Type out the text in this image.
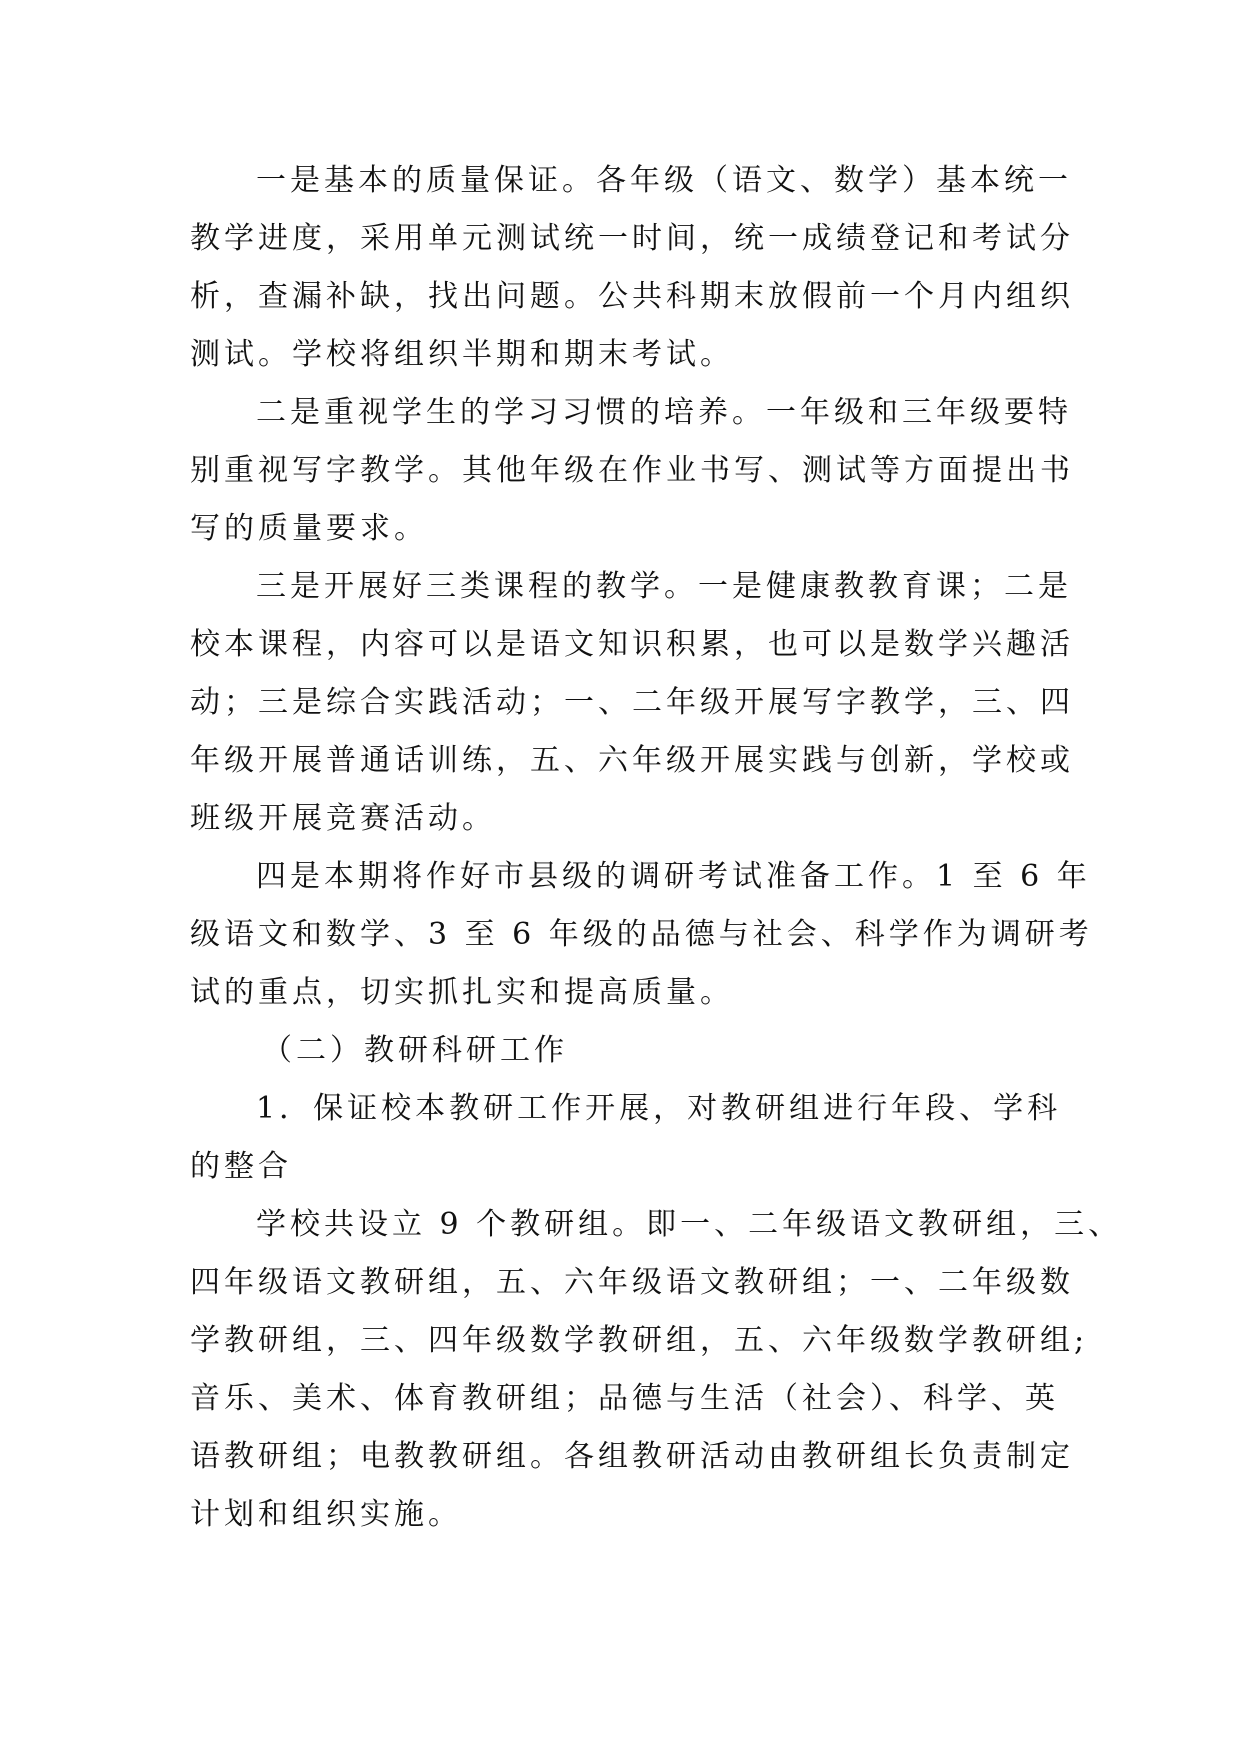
一是基本的质量保证。各年级（语文、数学）基本统一
教学进度，采用单元测试统一时间，统一成绩登记和考试分
析，查漏补缺，找出问题。公共科期末放假前一个月内组织
测试。学校将组织半期和期末考试。
二是重视学生的学习习惯的培养。一年级和三年级要特
别重视写字教学。其他年级在作业书写、测试等方面提出书
写的质量要求。
三是开展好三类课程的教学。一是健康教教育课；二是
校本课程，内容可以是语文知识积累，也可以是数学兴趣活
动；三是综合实践活动；一、二年级开展写字教学，三、四
年级开展普通话训练，五、六年级开展实践与创新，学校或
班级开展竞赛活动。
四是本期将作好市县级的调研考试准备工作。1 至 6 年
级语文和数学、3 至 6 年级的品德与社会、科学作为调研考
试的重点，切实抓扎实和提高质量。
（二）教研科研工作
1．保证校本教研工作开展，对教研组进行年段、学科
的整合
学校共设立 9 个教研组。即一、二年级语文教研组，三、
四年级语文教研组，五、六年级语文教研组；一、二年级数
学教研组，三、四年级数学教研组，五、六年级数学教研组;
音乐、美术、体育教研组；品德与生活（社会）、科学、英
语教研组；电教教研组。各组教研活动由教研组长负责制定
计划和组织实施。
